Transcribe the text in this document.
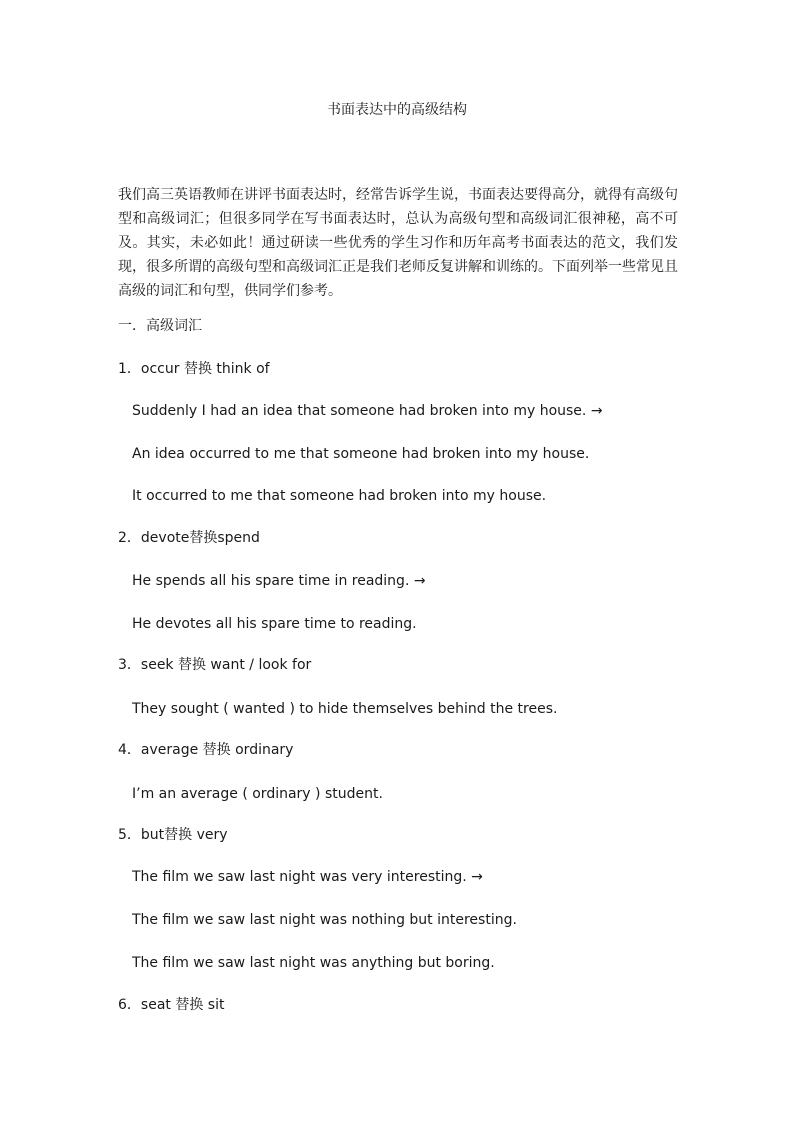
书面表达中的高级结构
我们高三英语教师在讲评书面表达时，经常告诉学生说，书面表达要得高分，就得有高级句型和高级词汇；但很多同学在写书面表达时，总认为高级句型和高级词汇很神秘，高不可及。其实，未必如此！通过研读一些优秀的学生习作和历年高考书面表达的范文，我们发现，很多所谓的高级句型和高级词汇正是我们老师反复讲解和训练的。下面列举一些常见且高级的词汇和句型，供同学们参考。
一．高级词汇
1．occur 替换 think of
Suddenly I had an idea that someone had broken into my house. →
An idea occurred to me that someone had broken into my house.
It occurred to me that someone had broken into my house.
2．devote替换spend
He spends all his spare time in reading. →
He devotes all his spare time to reading.
3．seek 替换 want / look for
They sought ( wanted ) to hide themselves behind the trees.
4．average 替换 ordinary
I’m an average ( ordinary ) student.
5．but替换 very
The film we saw last night was very interesting. →
The film we saw last night was nothing but interesting.
The film we saw last night was anything but boring.
6．seat 替换 sit
